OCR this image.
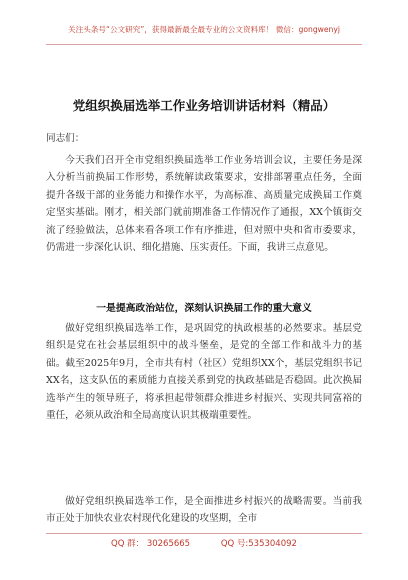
关注头条号“公文研究”，获得最新最全最专业的公文资料库！ 微信：gongwenyj
党组织换届选举工作业务培训讲话材料（精品）
同志们：
今天我们召开全市党组织换届选举工作业务培训会议，主要任务是深入分析当前换届工作形势，系统解读政策要求，安排部署重点任务，全面提升各级干部的业务能力和操作水平，为高标准、高质量完成换届工作奠定坚实基础。刚才，相关部门就前期准备工作情况作了通报，XX个镇街交流了经验做法，总体来看各项工作有序推进，但对照中央和省市委要求，仍需进一步深化认识、细化措施、压实责任。下面，我讲三点意见。
一是提高政治站位，深刻认识换届工作的重大意义
做好党组织换届选举工作，是巩固党的执政根基的必然要求。基层党组织是党在社会基层组织中的战斗堡垒，是党的全部工作和战斗力的基础。截至2025年9月，全市共有村（社区）党组织XX个，基层党组织书记XX名，这支队伍的素质能力直接关系到党的执政基础是否稳固。此次换届选举产生的领导班子，将承担起带领群众推进乡村振兴、实现共同富裕的重任，必须从政治和全局高度认识其极端重要性。
做好党组织换届选举工作，是全面推进乡村振兴的战略需要。当前我市正处于加快农业农村现代化建设的攻坚期，全市
QQ 群： 30265665	QQ 号:535304092
